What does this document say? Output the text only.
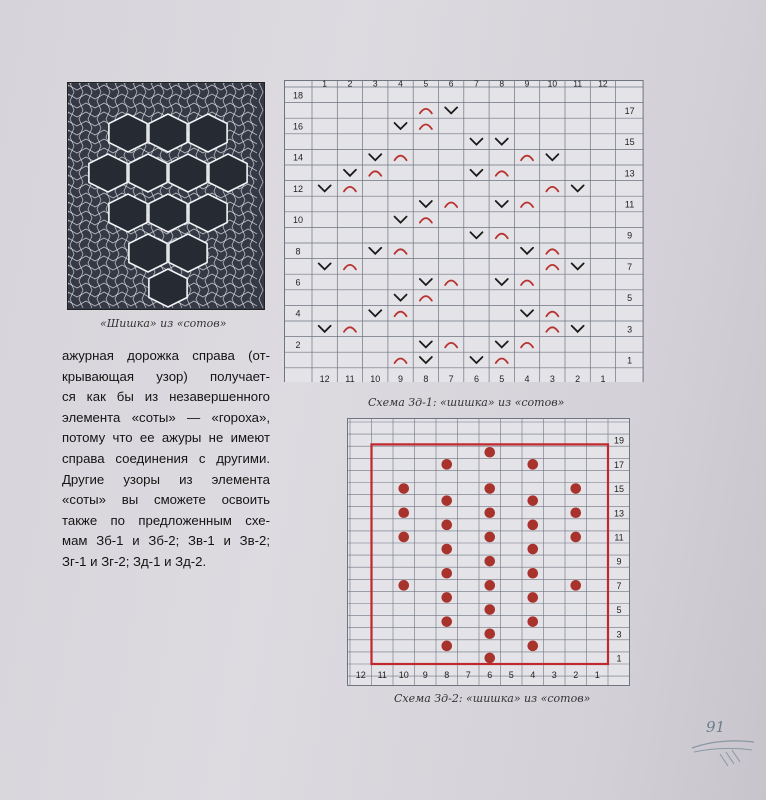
«Шишка» из «сотов»
ажурная дорожка справа (от-
крывающая узор) получает-
ся как бы из незавершенного
элемента «соты» — «гороха»,
потому что ее ажуры не имеют
справа соединения с другими.
Другие узоры из элемента
«соты» вы сможете освоить
также по предложенным схе-
мам Зб-1 и Зб-2; Зв-1 и Зв-2;
Зг-1 и Зг-2; Зд-1 и Зд-2.
1 2 3 4 5 6 7 8 9 10 11 12
12 11 10 9 8 7 6 5 4 3 2 1
18
16
14
12
10
8
6
4
2
17
15
13
11
9
7
5
3
1
Схема Зд-1: «шишка» из «сотов»
12 11 10 9 8 7 6 5 4 3 2 1
19
17
15
13
11
9
7
5
3
1
Схема Зд-2: «шишка» из «сотов»
91
